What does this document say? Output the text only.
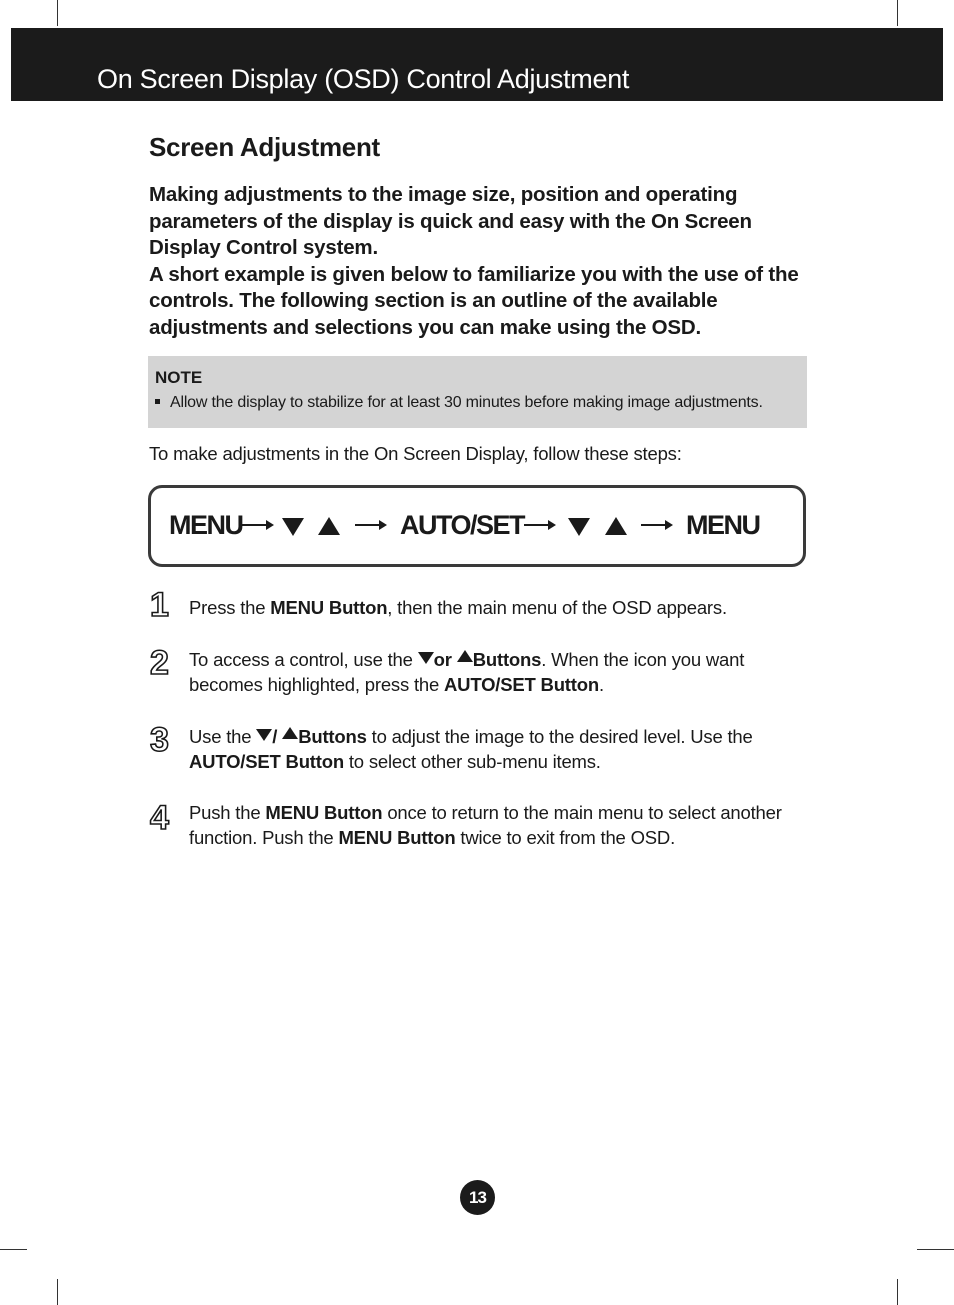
On Screen Display (OSD) Control Adjustment
Screen Adjustment

Making adjustments to the image size, position and operating parameters of the display is quick and easy with the On Screen Display Control system.

A short example is given below to familiarize you with the use of the controls. The following section is an outline of the available adjustments and selections you can make using the OSD.

NOTE
Allow the display to stabilize for at least 30 minutes before making image adjustments.
To make adjustments in the On Screen Display, follow these steps:
MENU	AUTO/SET	MENU
1 Press the MENU Button, then the main menu of the OSD appears.
2 To access a control, use the or Buttons. When the icon you want becomes highlighted, press the AUTO/SET Button.
3 Use the / Buttons to adjust the image to the desired level. Use the AUTO/SET Button to select other sub-menu items.
4 Push the MENU Button once to return to the main menu to select another function. Push the MENU Button twice to exit from the OSD.
13
